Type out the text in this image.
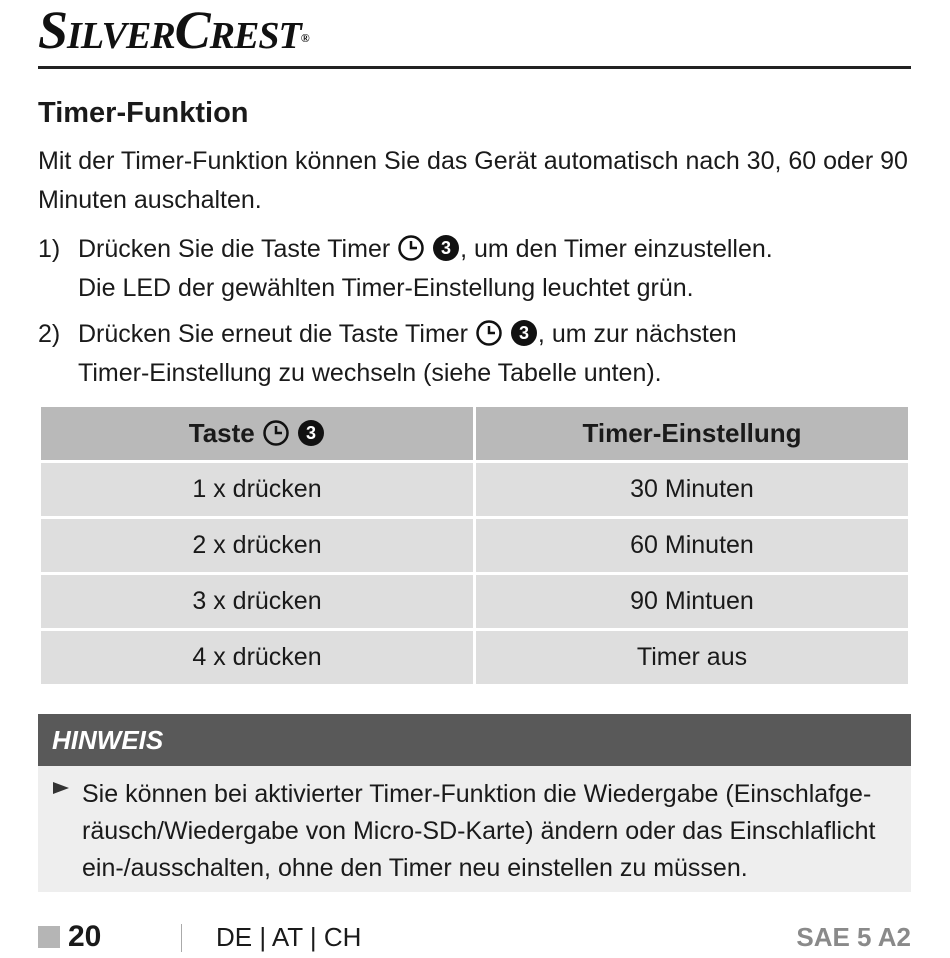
SilverCrest®
Timer-Funktion

Mit der Timer-Funktion können Sie das Gerät automatisch nach 30, 60 oder 90 Minuten auschalten.

1) Drücken Sie die Taste Timer	3 , um den Timer einzustellen.
Die LED der gewählten Timer-Einstellung leuchtet grün.
2) Drücken Sie erneut die Taste Timer	3 , um zur nächsten
Timer-Einstellung zu wechseln (siehe Tabelle unten).
Taste 3	Timer-Einstellung
1 x drücken	30 Minuten
2 x drücken	60 Minuten
3 x drücken	90 Mintuen
4 x drücken	Timer aus
HINWEIS
Sie können bei aktivierter Timer-Funktion die Wiedergabe (Einschlafge-räusch/Wiedergabe von Micro-SD-Karte) ändern oder das Einschlaflicht ein-/ausschalten, ohne den Timer neu einstellen zu müssen.
20	DE | AT | CH	SAE 5 A2
